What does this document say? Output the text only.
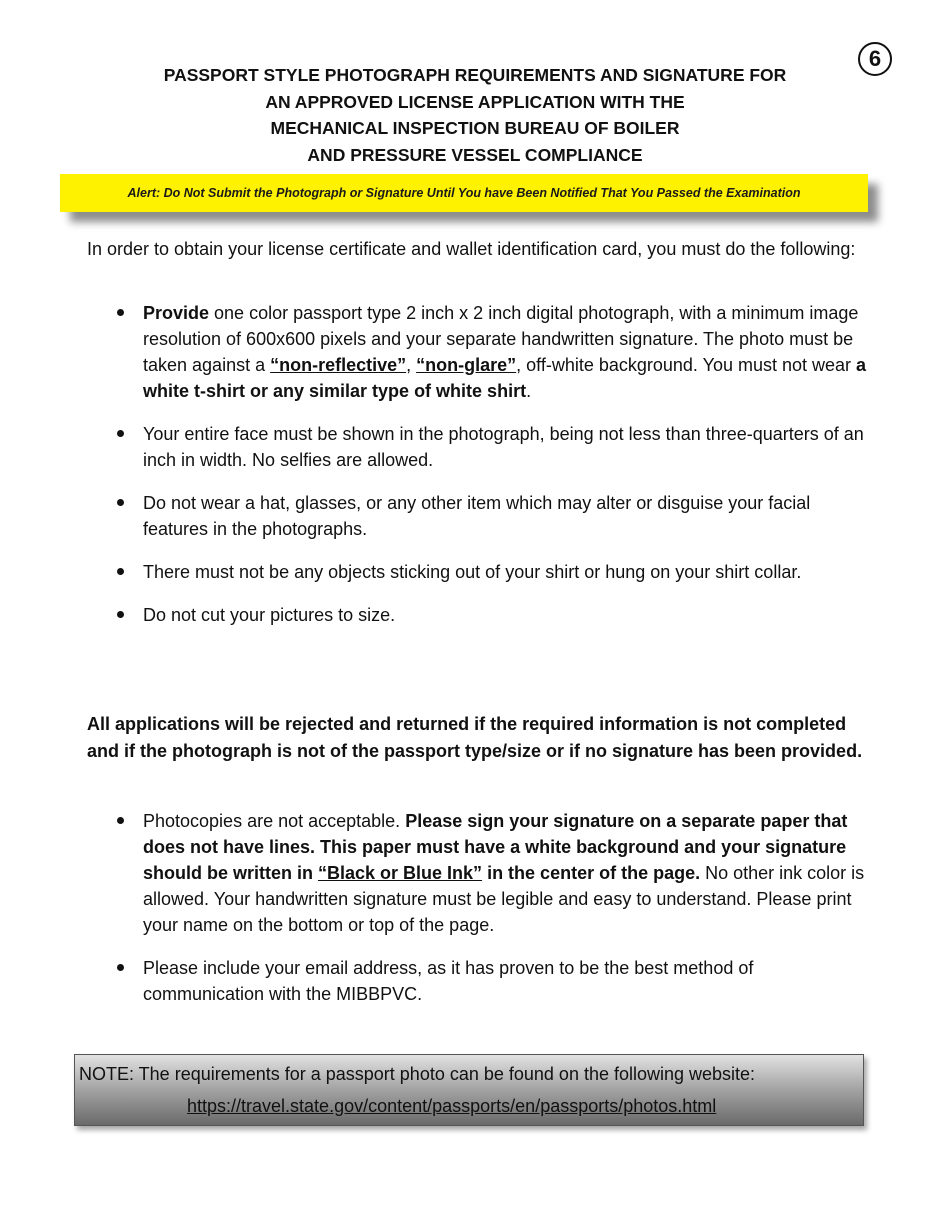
6
PASSPORT STYLE PHOTOGRAPH REQUIREMENTS AND SIGNATURE FOR
AN APPROVED LICENSE APPLICATION WITH THE
MECHANICAL INSPECTION BUREAU OF BOILER
AND PRESSURE VESSEL COMPLIANCE
Alert: Do Not Submit the Photograph or Signature Until You have Been Notified That You Passed the Examination

In order to obtain your license certificate and wallet identification card, you must do the following:

Provide one color passport type 2 inch x 2 inch digital photograph, with a minimum image resolution of 600x600 pixels and your separate handwritten signature. The photo must be taken against a “non-reflective”, “non-glare”, off-white background. You must not wear a white t-shirt or any similar type of white shirt.
Your entire face must be shown in the photograph, being not less than three-quarters of an inch in width. No selfies are allowed.
Do not wear a hat, glasses, or any other item which may alter or disguise your facial features in the photographs.
There must not be any objects sticking out of your shirt or hung on your shirt collar.
Do not cut your pictures to size.

All applications will be rejected and returned if the required information is not completed and if the photograph is not of the passport type/size or if no signature has been provided.

Photocopies are not acceptable. Please sign your signature on a separate paper that does not have lines. This paper must have a white background and your signature should be written in “Black or Blue Ink” in the center of the page. No other ink color is allowed. Your handwritten signature must be legible and easy to understand. Please print your name on the bottom or top of the page.
Please include your email address, as it has proven to be the best method of communication with the MIBBPVC.
NOTE: The requirements for a passport photo can be found on the following website:
https://travel.state.gov/content/passports/en/passports/photos.html
